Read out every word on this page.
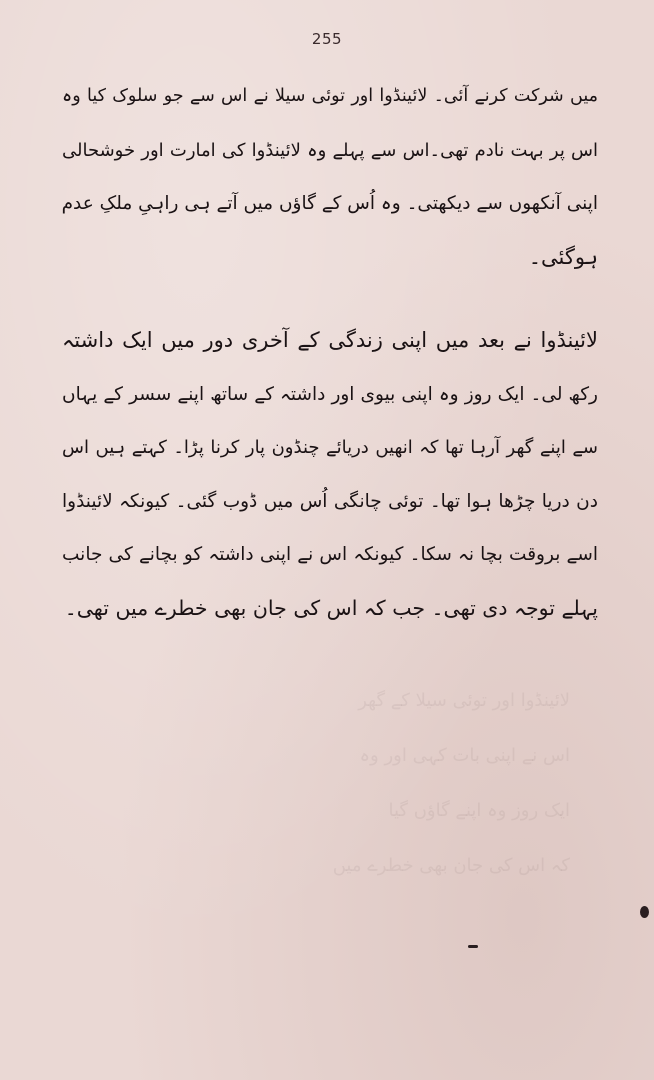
255
لائینڈوا اور توئی سیلا کے گھر
اس نے اپنی بات کہی اور وہ
ایک روز وہ اپنے گاؤں گیا
کہ اس کی جان بھی خطرے میں
میں شرکت کرنے آئی۔ لائینڈوا اور توئی سیلا نے اس سے جو سلوک کیا وہ
اس پر بہت نادم تھی۔اس سے پہلے وہ لائینڈوا کی امارت اور خوشحالی
اپنی آنکھوں سے دیکھتی۔ وہ اُس کے گاؤں میں آتے ہی راہیِ ملکِ عدم
ہوگئی۔
لائینڈوا نے بعد میں اپنی زندگی کے آخری دور میں ایک داشتہ
رکھ لی۔ ایک روز وہ اپنی بیوی اور داشتہ کے ساتھ اپنے سسر کے یہاں
سے اپنے گھر آرہا تھا کہ انھیں دریائے چنڈون پار کرنا پڑا۔ کہتے ہیں اس
دن دریا چڑھا ہوا تھا۔ توئی چانگی اُس میں ڈوب گئی۔ کیونکہ لائینڈوا
اسے بروقت بچا نہ سکا۔ کیونکہ اس نے اپنی داشتہ کو بچانے کی جانب
پہلے توجہ دی تھی۔ جب کہ اس کی جان بھی خطرے میں تھی۔
